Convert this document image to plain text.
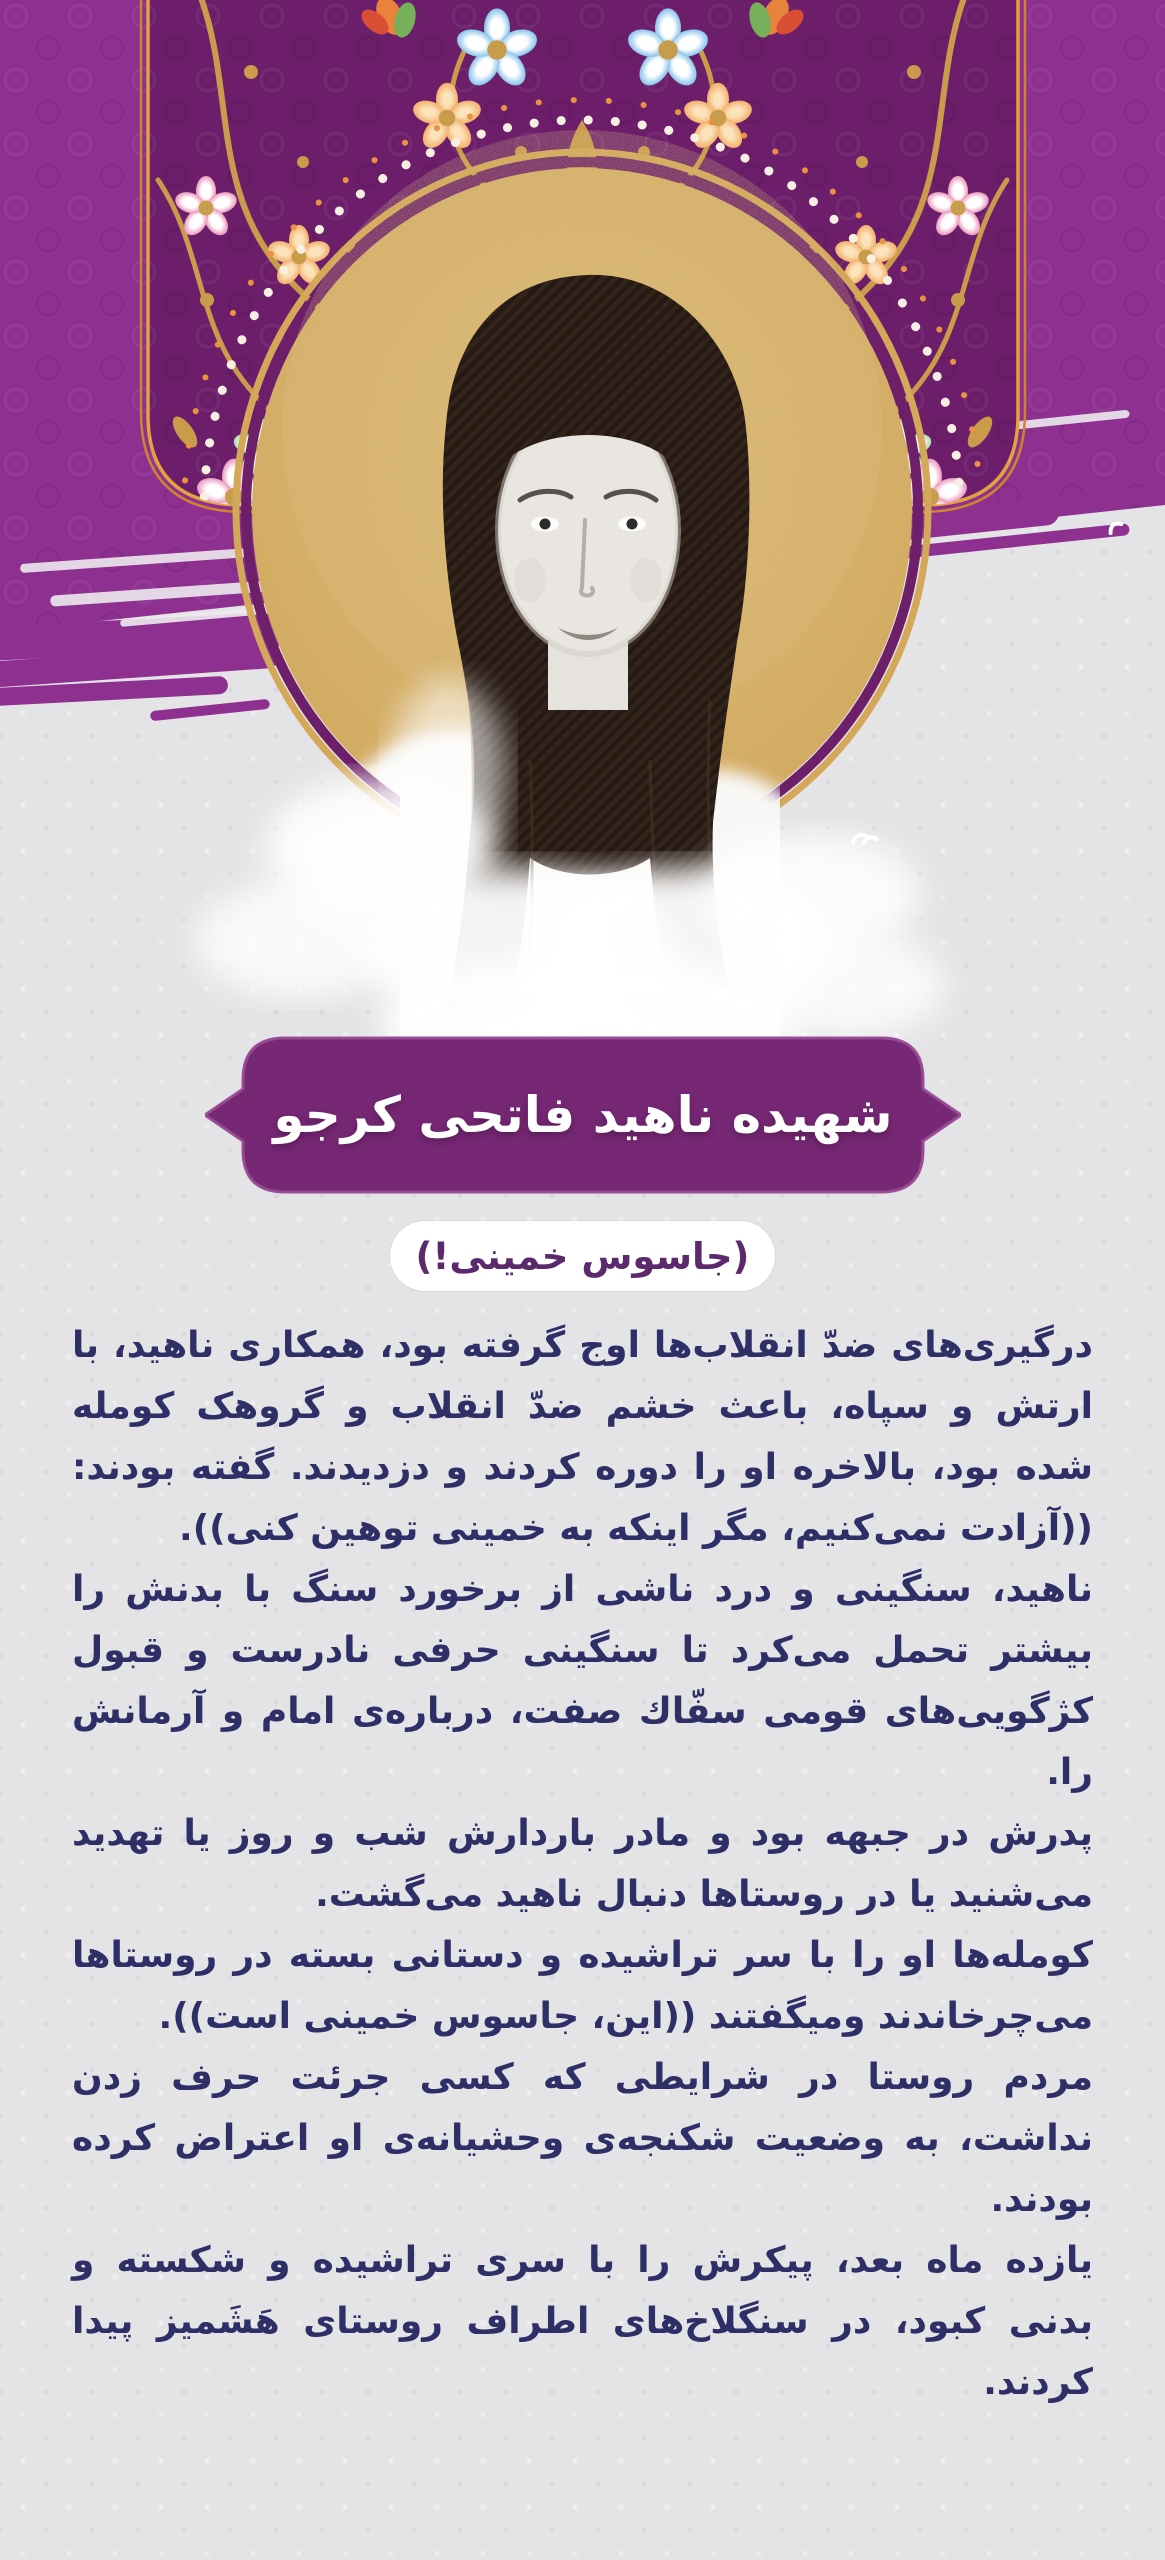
شهیده ناهید فاتحی کرجو
(جاسوس خمینی!)

درگیری‌های ضدّ انقلاب‌ها اوج گرفته بود، همکاری ناهید، با ارتش و سپاه، باعث خشم ضدّ انقلاب و گروهک کومله شده بود، بالاخره او را دوره کردند و دزدیدند. گفته بودند: ((آزادت نمی‌کنیم، مگر اینکه به خمینی توهین کنی)).

ناهید، سنگینی و درد ناشی از برخورد سنگ با بدنش را بیشتر تحمل می‌کرد تا سنگینی حرفی نادرست و قبول کژگویی‌های قومی سفّاك صفت، درباره‌ی امام و آرمانش را.

پدرش در جبهه بود و مادر باردارش شب و روز یا تهدید می‌شنید یا در روستاها دنبال ناهید می‌گشت.

کومله‌ها او را با سر تراشیده و دستانی بسته در روستاها می‌چرخاندند ومیگفتند ((این، جاسوس خمینی است)).

مردم روستا در شرایطی که کسی جرئت حرف زدن نداشت، به وضعیت شکنجه‌ی وحشیانه‌ی او اعتراض کرده بودند.

یازده ماه بعد، پیکرش را با سری تراشیده و شکسته و بدنی کبود، در سنگلاخ‌های اطراف روستای هَشَمیز پیدا کردند.
